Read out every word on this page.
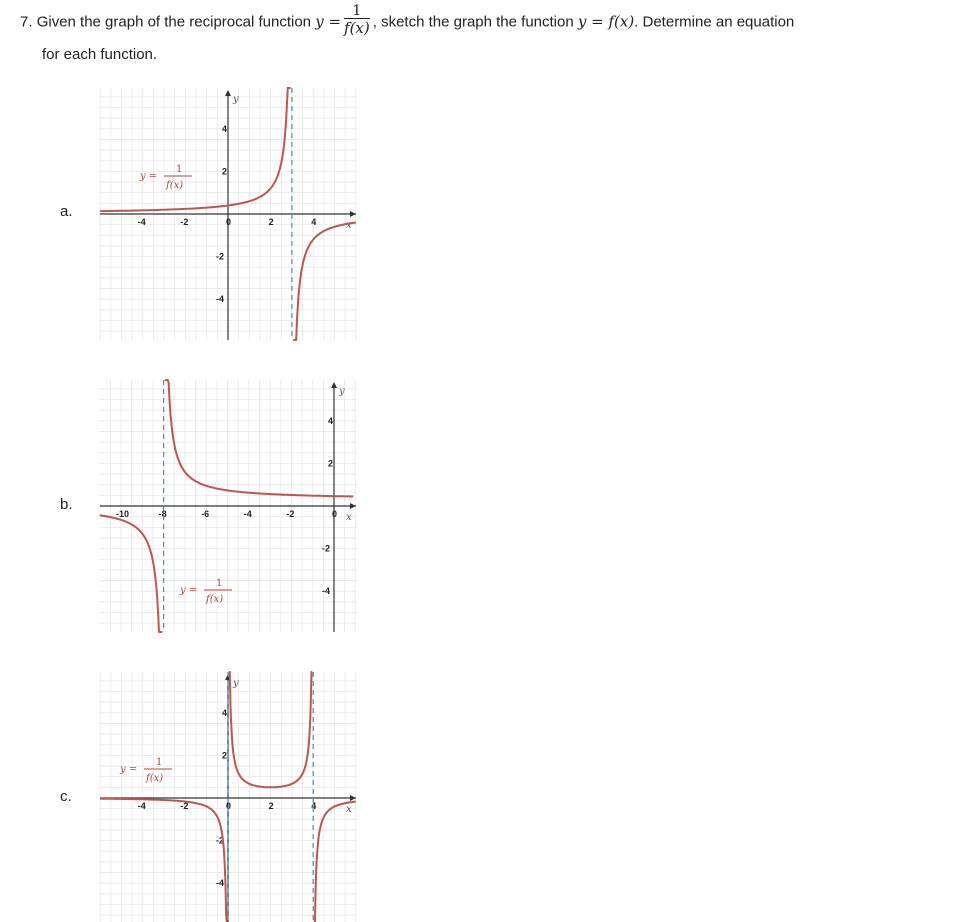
7. Given the graph of the reciprocal function $y = \frac{1}{f(x)}$ , sketch the graph the function y = f(x). Determine an equation
for each function.
a.
b.
c.
x
y
-4	-2	0	2	4
4
2
-2
-4
y =
1
f(x)
x
y
-10	-8	-6	-4	-2	0
4
2
-2
-4
y =
1
f(x)
x
y
-4	-2	0	2	4
4
2
-2
-4
y =
1
f(x)
